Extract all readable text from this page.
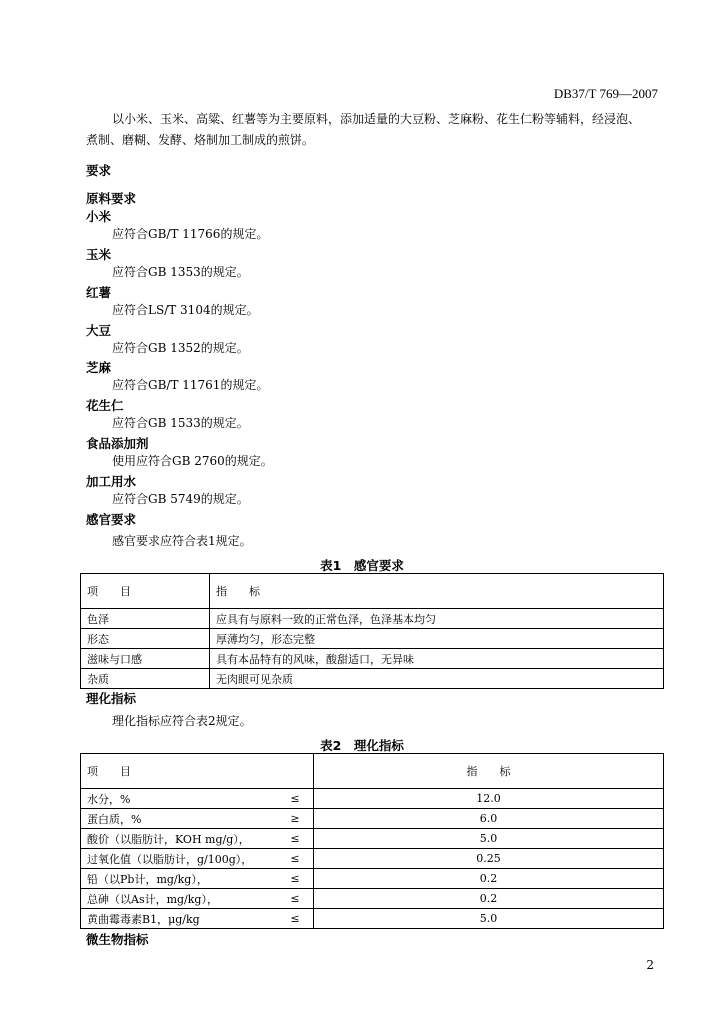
DB37/T 769—2007
以小米、玉米、高粱、红薯等为主要原料，添加适量的大豆粉、芝麻粉、花生仁粉等辅料，经浸泡、
煮制、磨糊、发酵、烙制加工制成的煎饼。
要求
原料要求
小米
应符合GB/T 11766的规定。
玉米
应符合GB 1353的规定。
红薯
应符合LS/T 3104的规定。
大豆
应符合GB 1352的规定。
芝麻
应符合GB/T 11761的规定。
花生仁
应符合GB 1533的规定。
食品添加剂
使用应符合GB 2760的规定。
加工用水
应符合GB 5749的规定。
感官要求
感官要求应符合表1规定。
表1　感官要求
项　　目	指　　标
色泽	应具有与原料一致的正常色泽，色泽基本均匀
形态	厚薄均匀，形态完整
滋味与口感	具有本品特有的风味，酸甜适口，无异味
杂质	无肉眼可见杂质
理化指标
理化指标应符合表2规定。
表2　理化指标
项　　目		指　　标
水分，%	≤	12.0
蛋白质，%	≥	6.0
酸价（以脂肪计，KOH mg/g），	≤	5.0
过氧化值（以脂肪计，g/100g），	≤	0.25
铅（以Pb计，mg/kg），	≤	0.2
总砷（以As计，mg/kg），	≤	0.2
黄曲霉毒素B1，μg/kg	≤	5.0
微生物指标
2
